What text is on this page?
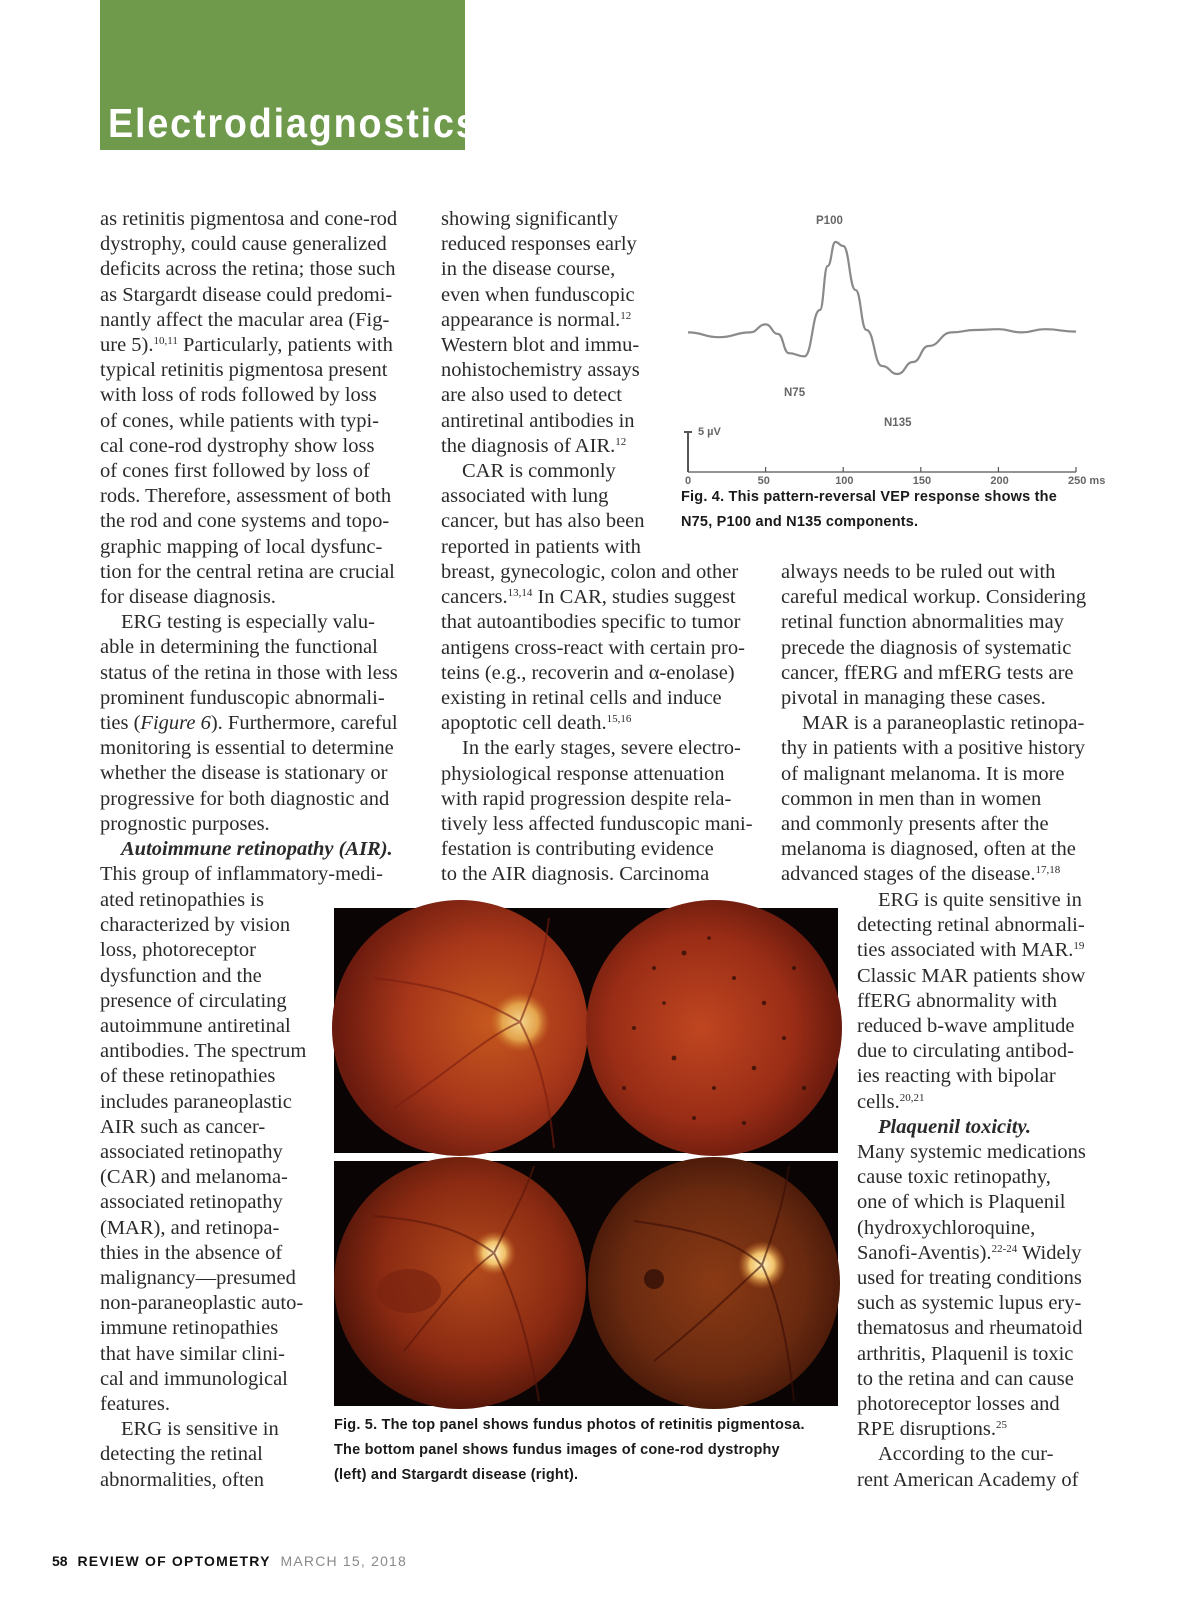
Electrodiagnostics

as retinitis pigmentosa and cone-rod

dystrophy, could cause generalized

deficits across the retina; those such

as Stargardt disease could predomi-

nantly affect the macular area (Fig-

ure 5).$^{10,11}$ Particularly, patients with

typical retinitis pigmentosa present

with loss of rods followed by loss

of cones, while patients with typi-

cal cone-rod dystrophy show loss

of cones first followed by loss of

rods. Therefore, assessment of both

the rod and cone systems and topo-

graphic mapping of local dysfunc-

tion for the central retina are crucial

for disease diagnosis.

ERG testing is especially valu-

able in determining the functional

status of the retina in those with less

prominent funduscopic abnormali-

ties (Figure 6). Furthermore, careful

monitoring is essential to determine

whether the disease is stationary or

progressive for both diagnostic and

prognostic purposes.

Autoimmune retinopathy (AIR).

This group of inflammatory-medi-

ated retinopathies is

characterized by vision

loss, photoreceptor

dysfunction and the

presence of circulating

autoimmune antiretinal

antibodies. The spectrum

of these retinopathies

includes paraneoplastic

AIR such as cancer-

associated retinopathy

(CAR) and melanoma-

associated retinopathy

(MAR), and retinopa-

thies in the absence of

malignancy—presumed

non-paraneoplastic auto-

immune retinopathies

that have similar clini-

cal and immunological

features.

ERG is sensitive in

detecting the retinal

abnormalities, often

showing significantly

reduced responses early

in the disease course,

even when funduscopic

appearance is normal.$^{12}$

Western blot and immu-

nohistochemistry assays

are also used to detect

antiretinal antibodies in

the diagnosis of AIR.$^{12}$

CAR is commonly

associated with lung

cancer, but has also been

reported in patients with

breast, gynecologic, colon and other

cancers.$^{13,14}$ In CAR, studies suggest

that autoantibodies specific to tumor

antigens cross-react with certain pro-

teins (e.g., recoverin and α-enolase)

existing in retinal cells and induce

apoptotic cell death.$^{15,16}$

In the early stages, severe electro-

physiological response attenuation

with rapid progression despite rela-

tively less affected funduscopic mani-

festation is contributing evidence

to the AIR diagnosis. Carcinoma

always needs to be ruled out with

careful medical workup. Considering

retinal function abnormalities may

precede the diagnosis of systematic

cancer, ffERG and mfERG tests are

pivotal in managing these cases.

MAR is a paraneoplastic retinopa-

thy in patients with a positive history

of malignant melanoma. It is more

common in men than in women

and commonly presents after the

melanoma is diagnosed, often at the

advanced stages of the disease.$^{17,18}$

ERG is quite sensitive in

detecting retinal abnormali-

ties associated with MAR.$^{19}$

Classic MAR patients show

ffERG abnormality with

reduced b-wave amplitude

due to circulating antibod-

ies reacting with bipolar

cells.$^{20,21}$

Plaquenil toxicity.

Many systemic medications

cause toxic retinopathy,

one of which is Plaquenil

(hydroxychloroquine,

Sanofi-Aventis).$^{22-24}$ Widely

used for treating conditions

such as systemic lupus ery-

thematosus and rheumatoid

arthritis, Plaquenil is toxic

to the retina and can cause

photoreceptor losses and

RPE disruptions.$^{25}$

According to the cur-

rent American Academy of

5 µV
P100
N75
N135
0	50	100	150	200	250 ms
Fig. 4. This pattern-reversal VEP response shows the
N75, P100 and N135 components.
Fig. 5. The top panel shows fundus photos of retinitis pigmentosa.
The bottom panel shows fundus images of cone-rod dystrophy
(left) and Stargardt disease (right).
58 REVIEW OF OPTOMETRY MARCH 15, 2018
